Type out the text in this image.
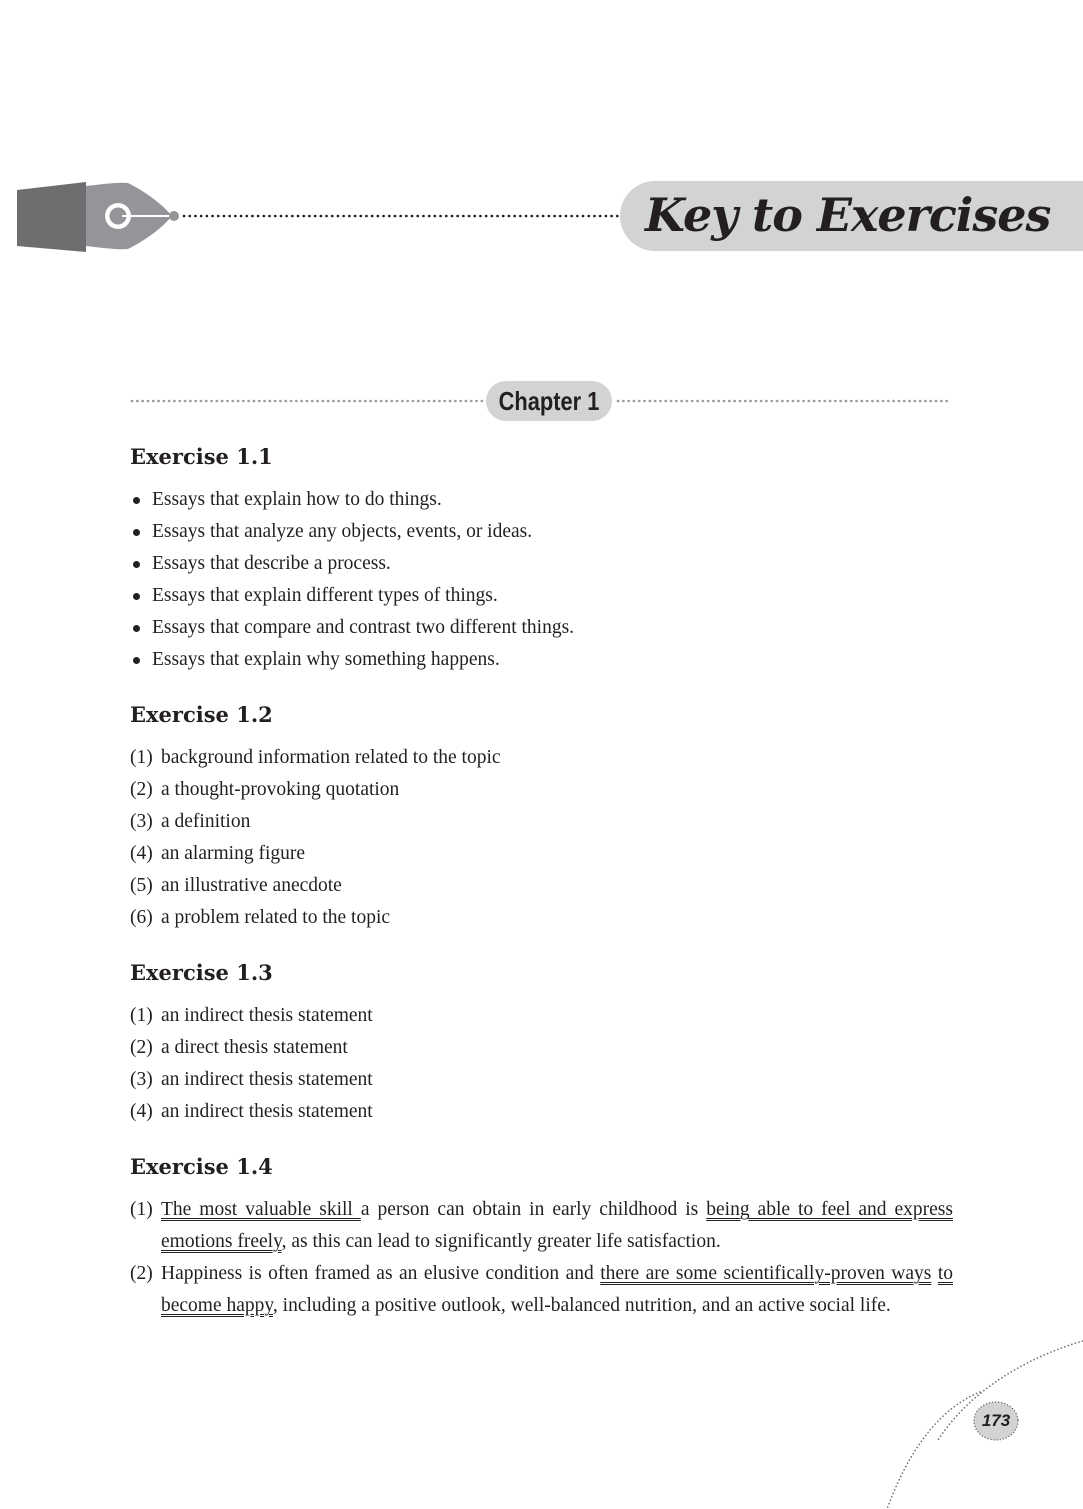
Key to Exercises
Chapter 1
Exercise 1.1
Essays that explain how to do things.
Essays that analyze any objects, events, or ideas.
Essays that describe a process.
Essays that explain different types of things.
Essays that compare and contrast two different things.
Essays that explain why something happens.
Exercise 1.2
(1) background information related to the topic
(2) a thought-provoking quotation
(3) a definition
(4) an alarming figure
(5) an illustrative anecdote
(6) a problem related to the topic
Exercise 1.3
(1) an indirect thesis statement
(2) a direct thesis statement
(3) an indirect thesis statement
(4) an indirect thesis statement
Exercise 1.4

(1) The most valuable skill a person can obtain in early childhood is being able to feel and express emotions freely, as this can lead to significantly greater life satisfaction.

(2) Happiness is often framed as an elusive condition and there are some scientifically-proven ways to become happy, including a positive outlook, well-balanced nutrition, and an active social life.

173
